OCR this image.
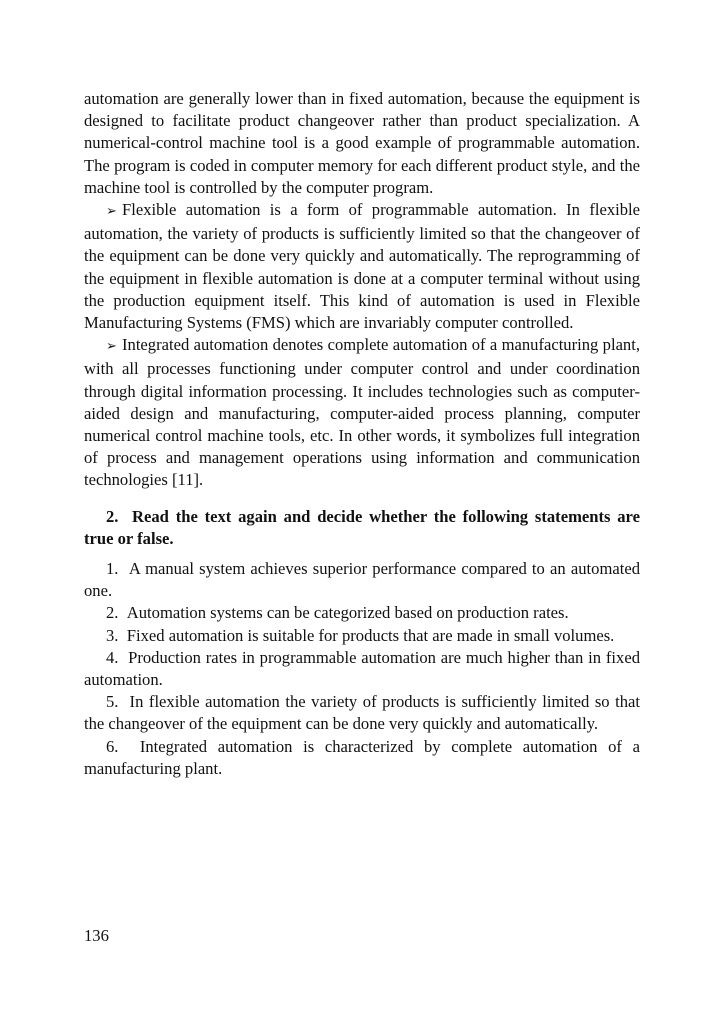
automation are generally lower than in fixed automation, because the equipment is designed to facilitate product changeover rather than product specialization. A numerical-control machine tool is a good example of programmable automation. The program is coded in computer memory for each different product style, and the machine tool is controlled by the computer program.

➢ Flexible automation is a form of programmable automation. In flexible automation, the variety of products is sufficiently limited so that the changeover of the equipment can be done very quickly and automatically. The reprogramming of the equipment in flexible automation is done at a computer terminal without using the production equipment itself. This kind of automation is used in Flexible Manufacturing Systems (FMS) which are invariably computer controlled.

➢ Integrated automation denotes complete automation of a manufacturing plant, with all processes functioning under computer control and under coordination through digital information processing. It includes technologies such as computer-aided design and manufacturing, computer-aided process planning, computer numerical control machine tools, etc. In other words, it symbolizes full integration of process and management operations using information and communication technologies [11].

2.  Read the text again and decide whether the following statements are true or false.

1. A manual system achieves superior performance compared to an automated one.

2. Automation systems can be categorized based on production rates.

3. Fixed automation is suitable for products that are made in small volumes.

4. Production rates in programmable automation are much higher than in fixed automation.

5. In flexible automation the variety of products is sufficiently limited so that the changeover of the equipment can be done very quickly and automatically.

6. Integrated automation is characterized by complete automation of a manufacturing plant.

136
